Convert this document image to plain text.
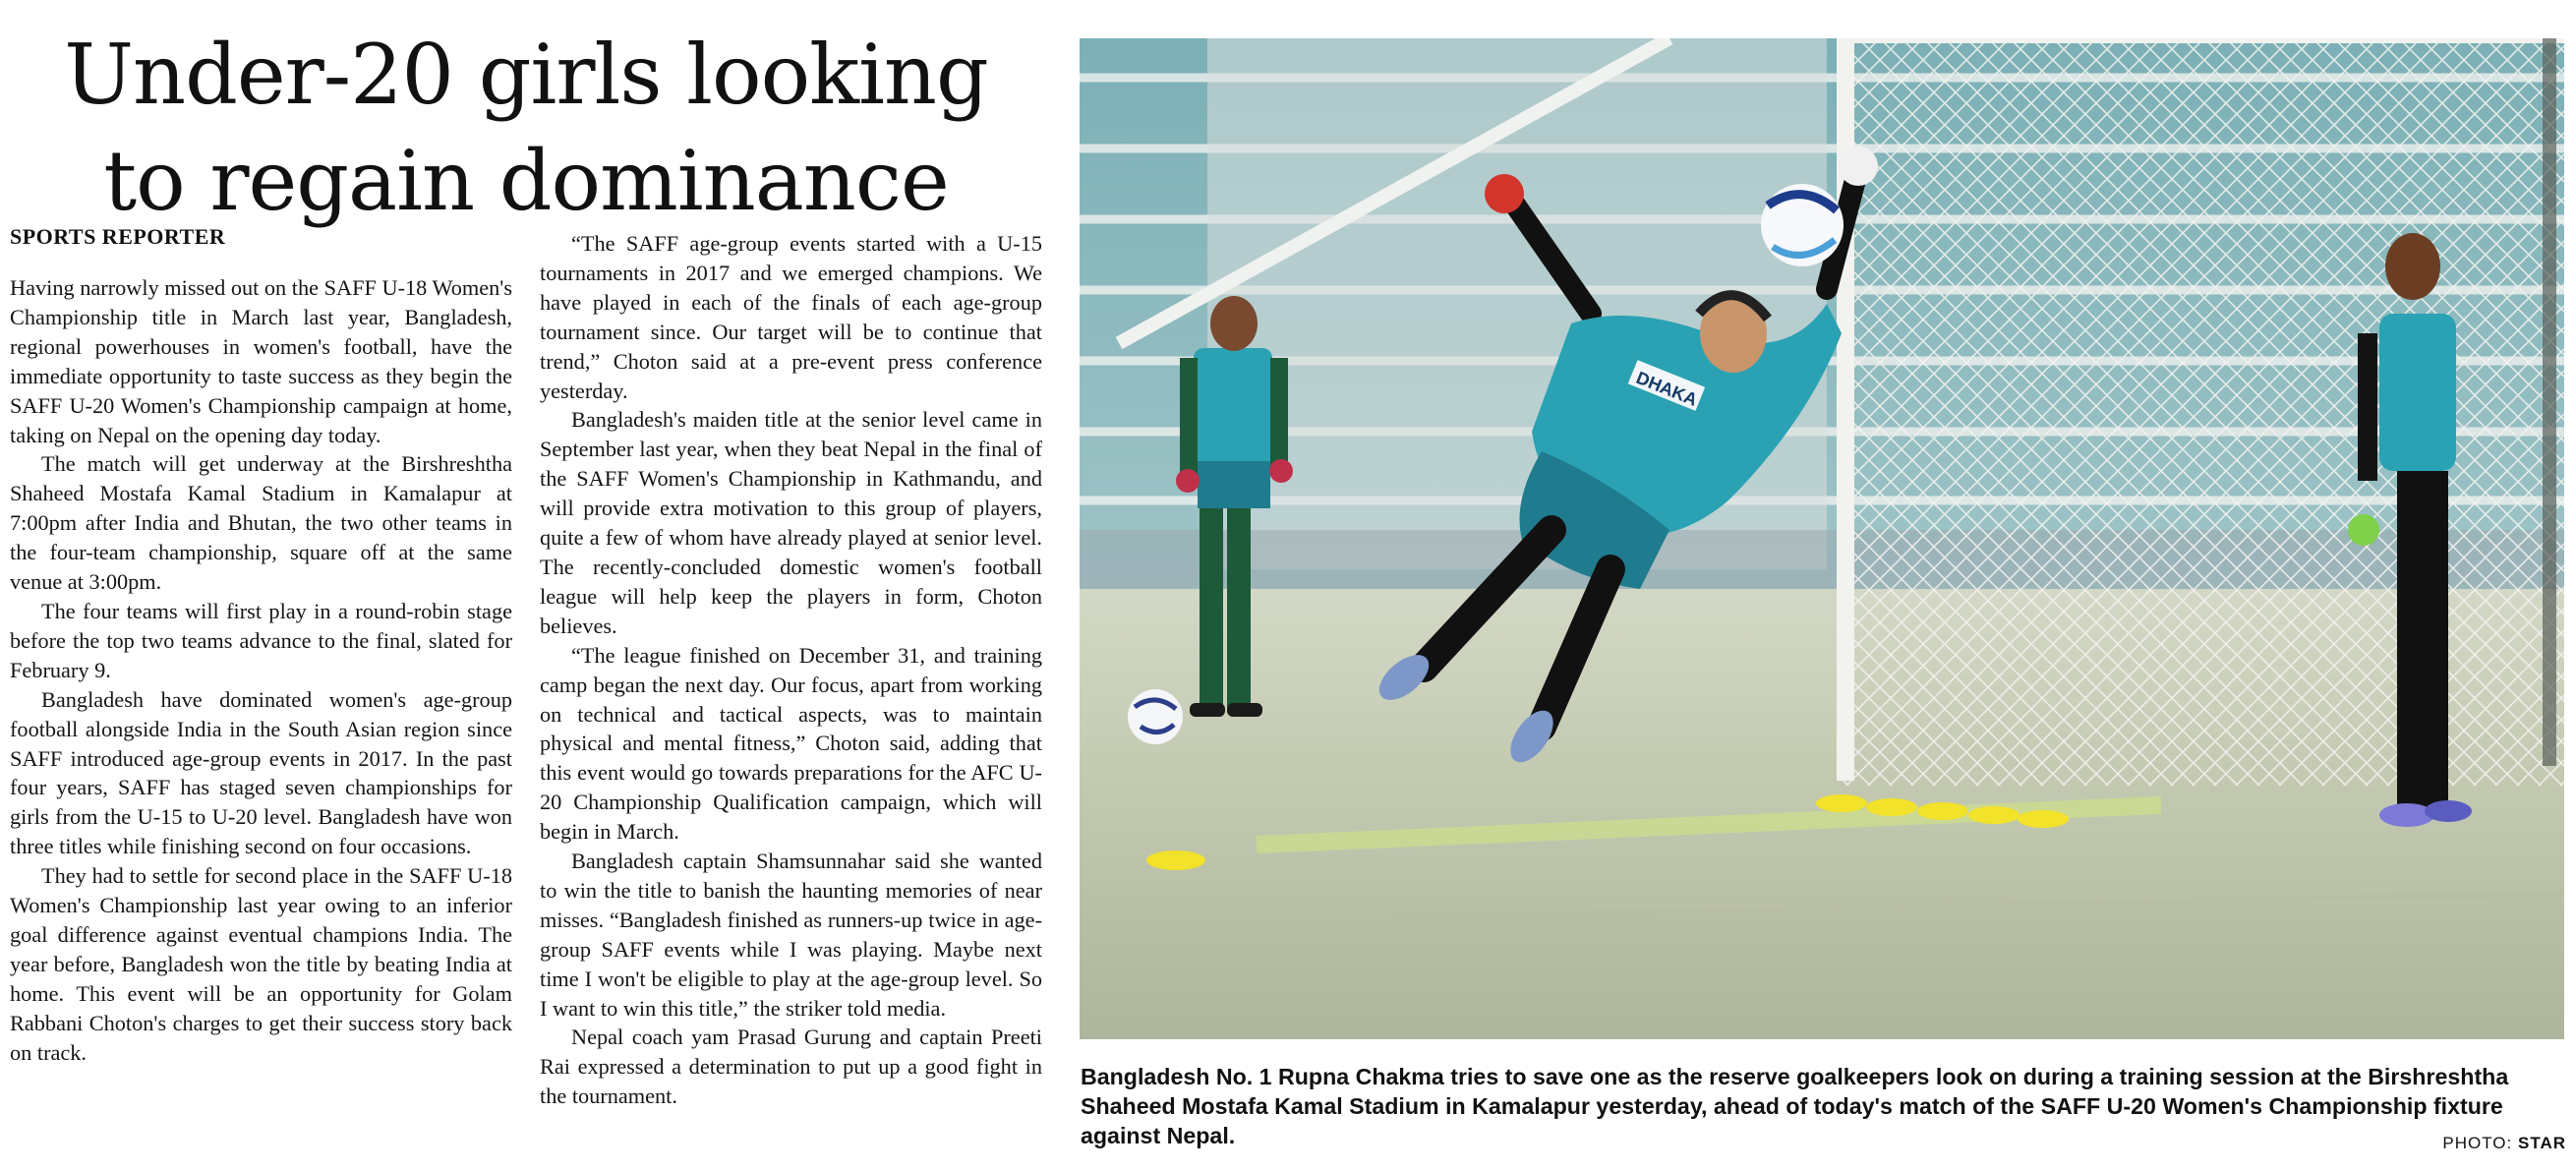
Under-20 girls looking
to regain dominance
SPORTS REPORTER

Having narrowly missed out on the SAFF U-18 Women's Championship title in March last year, Bangladesh, regional powerhouses in women's football, have the immediate opportunity to taste success as they begin the SAFF U-20 Women's Championship campaign at home, taking on Nepal on the opening day today.

The match will get underway at the Birshreshtha Shaheed Mostafa Kamal Stadium in Kamalapur at 7:00pm after India and Bhutan, the two other teams in the four-team championship, square off at the same venue at 3:00pm.

The four teams will first play in a round-robin stage before the top two teams advance to the final, slated for February 9.

Bangladesh have dominated women's age-group football alongside India in the South Asian region since SAFF introduced age-group events in 2017. In the past four years, SAFF has staged seven championships for girls from the U-15 to U-20 level. Bangladesh have won three titles while finishing second on four occasions.

They had to settle for second place in the SAFF U-18 Women's Championship last year owing to an inferior goal difference against eventual champions India. The year before, Bangladesh won the title by beating India at home. This event will be an opportunity for Golam Rabbani Choton's charges to get their success story back on track.

“The SAFF age-group events started with a U-15 tournaments in 2017 and we emerged champions. We have played in each of the finals of each age-group tournament since. Our target will be to continue that trend,” Choton said at a pre-event press conference yesterday.

Bangladesh's maiden title at the senior level came in September last year, when they beat Nepal in the final of the SAFF Women's Championship in Kathmandu, and will provide extra motivation to this group of players, quite a few of whom have already played at senior level. The recently-concluded domestic women's football league will help keep the players in form, Choton believes.

“The league finished on December 31, and training camp began the next day. Our focus, apart from working on technical and tactical aspects, was to maintain physical and mental fitness,” Choton said, adding that this event would go towards preparations for the AFC U-20 Championship Qualification campaign, which will begin in March.

Bangladesh captain Shamsunnahar said she wanted to win the title to banish the haunting memories of near misses. “Bangladesh finished as runners-up twice in age-group SAFF events while I was playing. Maybe next time I won't be eligible to play at the age-group level. So I want to win this title,” the striker told media.

Nepal coach yam Prasad Gurung and captain Preeti Rai expressed a determination to put up a good fight in the tournament.

DHAKA
Bangladesh No. 1 Rupna Chakma tries to save one as the reserve goalkeepers look on during a training session at the Birshreshtha Shaheed Mostafa Kamal Stadium in Kamalapur yesterday, ahead of today's match of the SAFF U-20 Women's Championship fixture against Nepal.	PHOTO: STAR
